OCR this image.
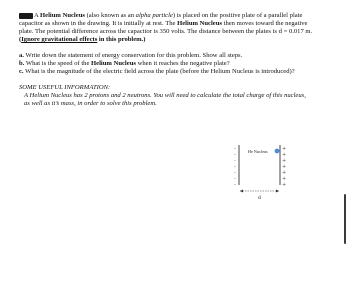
A Helium Nucleus (also known as an alpha particle) is placed on the positive plate of a parallel plate
capacitor as shown in the drawing. It is initially at rest. The Helium Nucleus then moves toward the negative
plate. The potential difference across the capacitor is 350 volts. The distance between the plates is d = 0.017 m.
(Ignore gravitational effects in this problem.)
a. Write down the statement of energy conservation for this problem. Show all steps.
b. What is the speed of the Helium Nucleus when it reaches the negative plate?
c. What is the magnitude of the electric field across the plate (before the Helium Nucleus is introduced)?
SOME USEFUL INFORMATION:
A Helium Nucleus has 2 protons and 2 neutrons. You will need to calculate the total charge of this nucleus,
as well as it’s mass, in order to solve this problem.
-
-
-
-
-
-
-
+
+
+
+
+
+
+
He Nucleus
d
